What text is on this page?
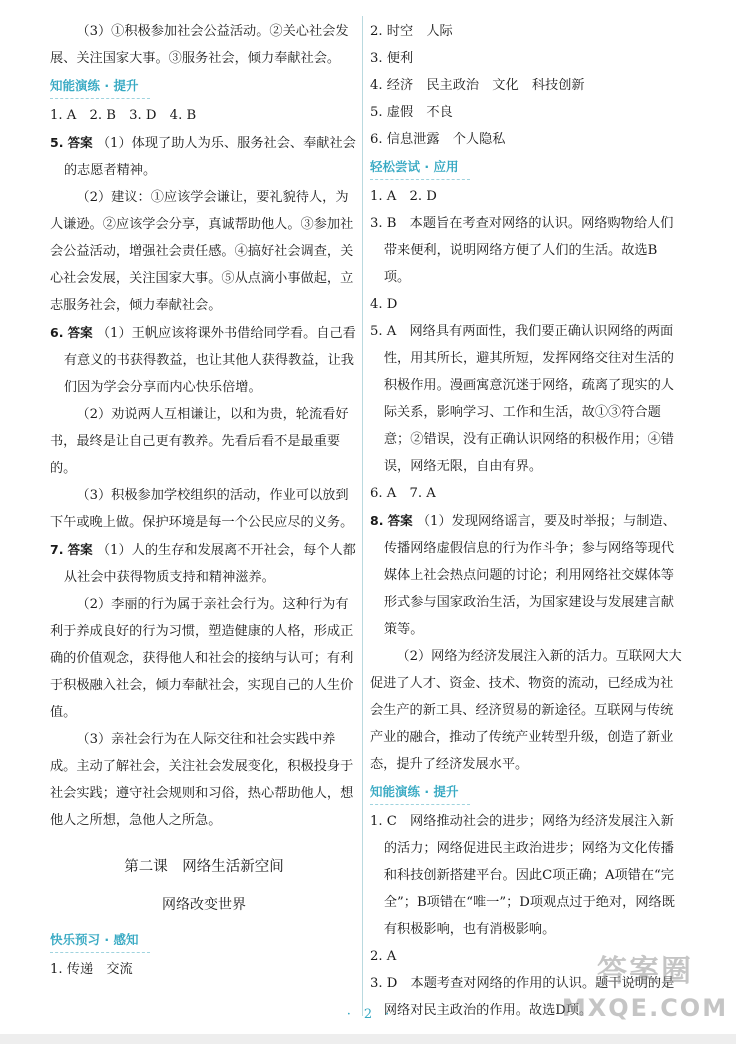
（3）①积极参加社会公益活动。②关心社会发展、关注国家大事。③服务社会，倾力奉献社会。

知能演练 · 提升

1. A　2. B　3. D　4. B

5. 答案 （1）体现了助人为乐、服务社会、奉献社会的志愿者精神。

（2）建议：①应该学会谦让，要礼貌待人，为人谦逊。②应该学会分享，真诚帮助他人。③参加社会公益活动，增强社会责任感。④搞好社会调查，关心社会发展，关注国家大事。⑤从点滴小事做起，立志服务社会，倾力奉献社会。

6. 答案 （1）王帆应该将课外书借给同学看。自己看有意义的书获得教益，也让其他人获得教益，让我们因为学会分享而内心快乐倍增。

（2）劝说两人互相谦让，以和为贵，轮流看好书，最终是让自己更有教养。先看后看不是最重要的。

（3）积极参加学校组织的活动，作业可以放到下午或晚上做。保护环境是每一个公民应尽的义务。

7. 答案 （1）人的生存和发展离不开社会，每个人都从社会中获得物质支持和精神滋养。

（2）李丽的行为属于亲社会行为。这种行为有利于养成良好的行为习惯，塑造健康的人格，形成正确的价值观念，获得他人和社会的接纳与认可；有利于积极融入社会，倾力奉献社会，实现自己的人生价值。

（3）亲社会行为在人际交往和社会实践中养成。主动了解社会，关注社会发展变化，积极投身于社会实践；遵守社会规则和习俗，热心帮助他人，想他人之所想，急他人之所急。

第二课　网络生活新空间
网络改变世界
快乐预习 · 感知

1. 传递　交流

2. 时空　人际

3. 便利

4. 经济　民主政治　文化　科技创新

5. 虚假　不良

6. 信息泄露　个人隐私

轻松尝试 · 应用

1. A　2. D

3. B　本题旨在考查对网络的认识。网络购物给人们带来便利，说明网络方便了人们的生活。故选B项。

4. D

5. A　网络具有两面性，我们要正确认识网络的两面性，用其所长，避其所短，发挥网络交往对生活的积极作用。漫画寓意沉迷于网络，疏离了现实的人际关系，影响学习、工作和生活，故①③符合题意；②错误，没有正确认识网络的积极作用；④错误，网络无限，自由有界。

6. A　7. A

8. 答案 （1）发现网络谣言，要及时举报；与制造、传播网络虚假信息的行为作斗争；参与网络等现代媒体上社会热点问题的讨论；利用网络社交媒体等形式参与国家政治生活，为国家建设与发展建言献策等。

（2）网络为经济发展注入新的活力。互联网大大促进了人才、资金、技术、物资的流动，已经成为社会生产的新工具、经济贸易的新途径。互联网与传统产业的融合，推动了传统产业转型升级，创造了新业态，提升了经济发展水平。

知能演练 · 提升

1. C　网络推动社会的进步；网络为经济发展注入新的活力；网络促进民主政治进步；网络为文化传播和科技创新搭建平台。因此C项正确；A项错在“完全”；B项错在“唯一”；D项观点过于绝对，网络既有积极影响，也有消极影响。

2. A

3. D　本题考查对网络的作用的认识。题干说明的是网络对民主政治的作用。故选D项。

·　2　·
答案圈
MXQE.COM
